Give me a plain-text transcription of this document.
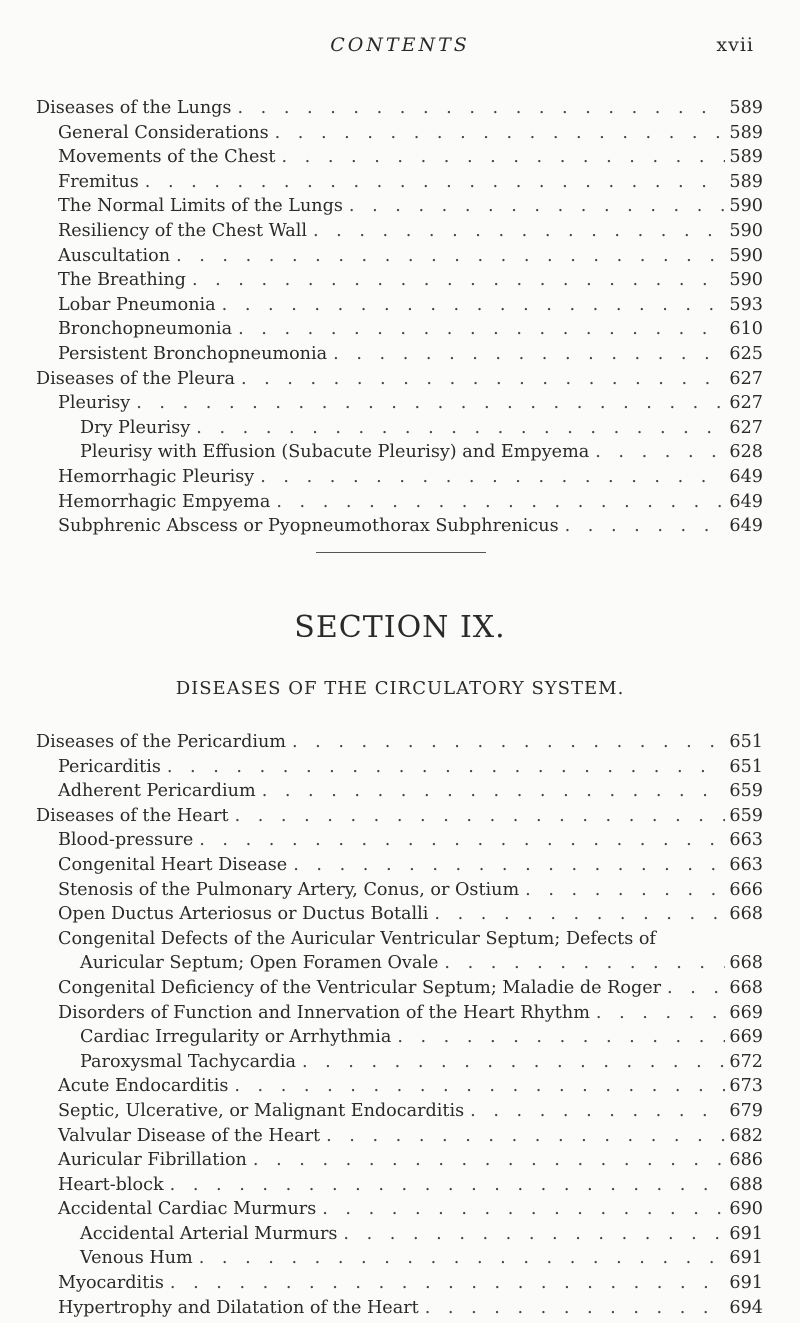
CONTENTS	xvii
Diseases of the Lungs . . .	589
General Considerations . . .	589
Movements of the Chest . . .	589
Fremitus . . .	589
The Normal Limits of the Lungs . . .	590
Resiliency of the Chest Wall . . .	590
Auscultation . . .	590
The Breathing . . .	590
Lobar Pneumonia . . .	593
Bronchopneumonia . . .	610
Persistent Bronchopneumonia . . .	625
Diseases of the Pleura . . .	627
Pleurisy . . .	627
Dry Pleurisy . . .	627
Pleurisy with Effusion (Subacute Pleurisy) and Empyema . . .	628
Hemorrhagic Pleurisy . . .	649
Hemorrhagic Empyema . . .	649
Subphrenic Abscess or Pyopneumothorax Subphrenicus . . .	649
SECTION IX.
DISEASES OF THE CIRCULATORY SYSTEM.
Diseases of the Pericardium . . .	651
Pericarditis . . .	651
Adherent Pericardium . . .	659
Diseases of the Heart . . .	659
Blood-pressure . . .	663
Congenital Heart Disease . . .	663
Stenosis of the Pulmonary Artery, Conus, or Ostium . . .	666
Open Ductus Arteriosus or Ductus Botalli . . .	668
Congenital Defects of the Auricular Ventricular Septum; Defects of
Auricular Septum; Open Foramen Ovale . . .	668
Congenital Deficiency of the Ventricular Septum; Maladie de Roger . . .	668
Disorders of Function and Innervation of the Heart Rhythm . . .	669
Cardiac Irregularity or Arrhythmia . . .	669
Paroxysmal Tachycardia . . .	672
Acute Endocarditis . . .	673
Septic, Ulcerative, or Malignant Endocarditis . . .	679
Valvular Disease of the Heart . . .	682
Auricular Fibrillation . . .	686
Heart-block . . .	688
Accidental Cardiac Murmurs . . .	690
Accidental Arterial Murmurs . . .	691
Venous Hum . . .	691
Myocarditis . . .	691
Hypertrophy and Dilatation of the Heart . . .	694
